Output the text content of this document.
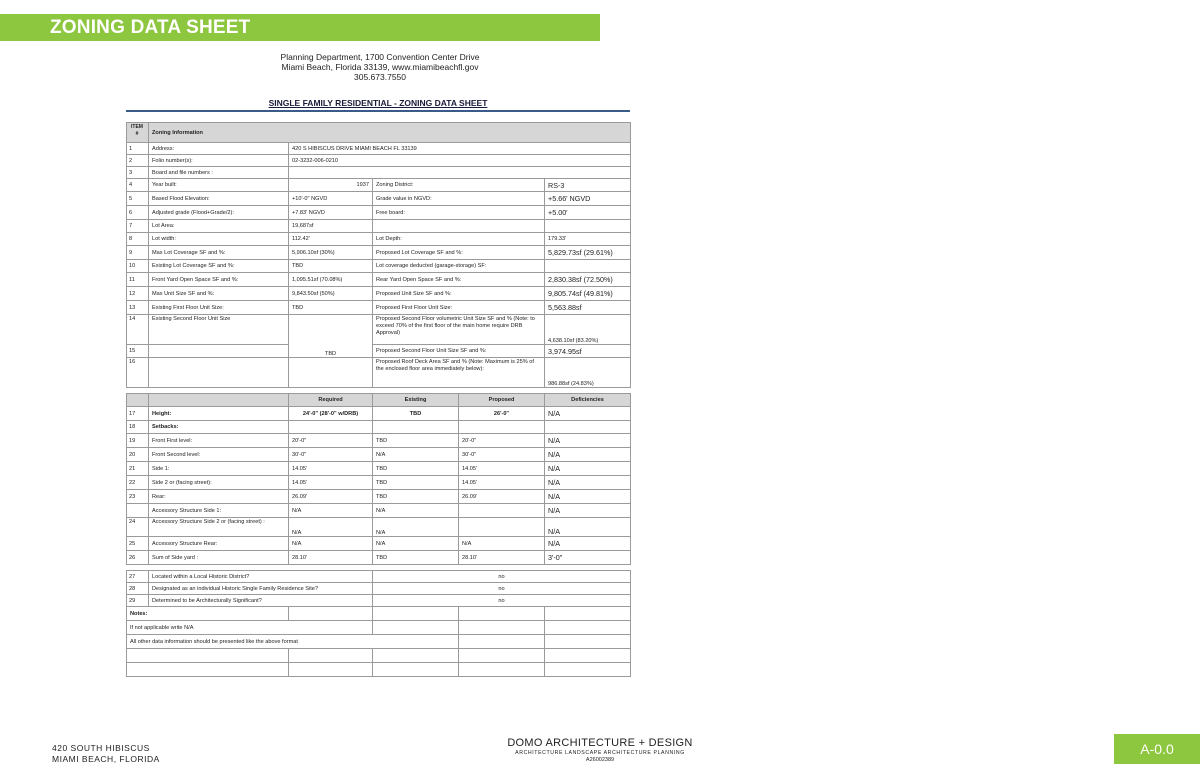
ZONING DATA SHEET
Planning Department, 1700 Convention Center Drive
Miami Beach, Florida 33139, www.miamibeachfl.gov
305.673.7550
SINGLE FAMILY RESIDENTIAL - ZONING DATA SHEET
ITEM #	Zoning Information				
1	Address:	420 S HIBISCUS DRIVE MIAMI BEACH FL 33139			
2	Folio number(s):	02-3232-006-0210			
3	Board and file numbers :				
4	Year built:	1937	Zoning District:		RS-3
5	Based Flood Elevation:	+10'-0" NGVD	Grade value in NGVD:		+5.66' NGVD
6	Adjusted grade (Flood+Grade/2):	+7.83' NGVD	Free board:		+5.00'
7	Lot Area:	19,687sf			
8	Lot width:	112.42'	Lot Depth:		179.33'
9	Max Lot Coverage SF and %:	5,906.10sf (30%)	Proposed Lot Coverage SF and %:		5,829.73sf (29.61%)
10	Existing Lot Coverage SF and %:	TBD	Lot coverage deducted (garage-storage) SF:		
11	Front Yard Open Space SF and %:	1,095.51sf (70.08%)	Rear Yard Open Space SF and %:		2,830.38sf (72.50%)
12	Max Unit Size SF and %:	9,843.50sf (50%)	Proposed Unit Size SF and %:		9,805.74sf (49.81%)
13	Existing First Floor Unit Size:	TBD	Proposed First Floor Unit Size:		5,563.88sf
14	Existing Second Floor Unit Size	TBD	Proposed Second Floor volumetric Unit Size SF and % (Note: to exceed 70% of the first floor of the main home require DRB Approval)		4,638.10sf (83.20%)
15			Proposed Second Floor Unit Size SF and %:		3,974.95sf
16			Proposed Roof Deck Area SF and % (Note: Maximum is 25% of the enclosed floor area immediately below):		986.88sf (24.83%)

		Required	Existing	Proposed	Deficiencies
17	Height:	24'-0" (28'-0" w/DRB)	TBD	26'-0"	N/A
18	Setbacks:				
19	Front First level:	20'-0"	TBD	20'-0"	N/A
20	Front Second level:	30'-0"	N/A	30'-0"	N/A
21	Side 1:	14.05'	TBD	14.05'	N/A
22	Side 2 or (facing street):	14.05'	TBD	14.05'	N/A
23	Rear:	26.09'	TBD	26.09'	N/A
	Accessory Structure Side 1:	N/A	N/A		N/A
24	Accessory Structure Side 2 or (facing street) :	N/A	N/A		N/A
25	Accessory Structure Rear:	N/A	N/A	N/A	N/A
26	Sum of Side yard :	28.10'	TBD	28.10'	3'-0"

27	Located within a Local Historic District?		no		
28	Designated as an individual Historic Single Family Residence Site?		no		
29	Determined to be Architecturally Significant?		no		
Notes:					
If not applicable write N/A					
All other data information should be presented like the above format					

420 SOUTH HIBISCUS
MIAMI BEACH, FLORIDA
DOMO ARCHITECTURE + DESIGN
ARCHITECTURE LANDSCAPE ARCHITECTURE PLANNING
A26002389
A-0.0
